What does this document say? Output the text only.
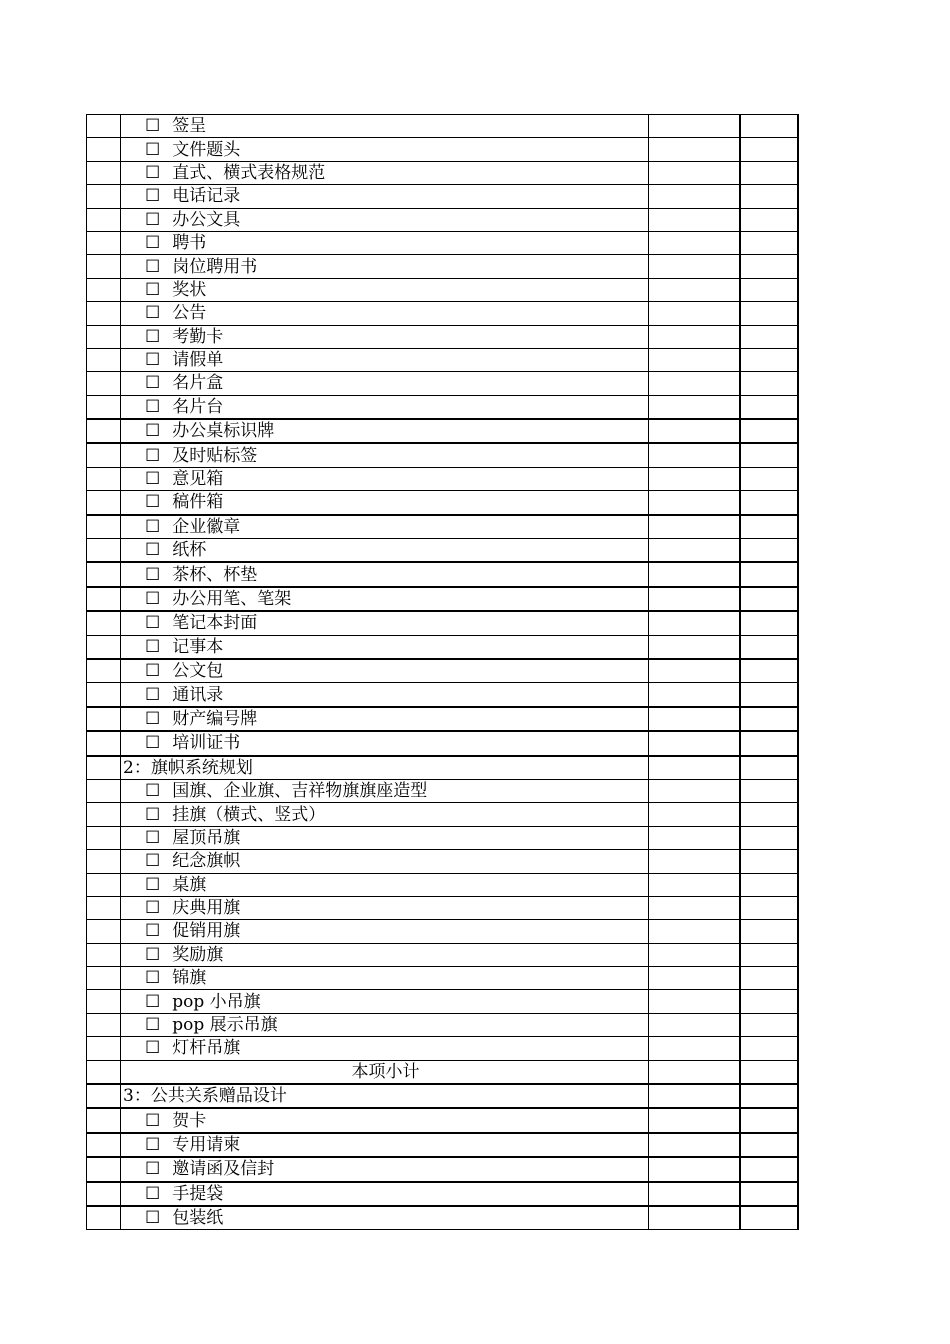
	☐ 签呈		
	☐ 文件题头		
	☐ 直式、横式表格规范		
	☐ 电话记录		
	☐ 办公文具		
	☐ 聘书		
	☐ 岗位聘用书		
	☐ 奖状		
	☐ 公告		
	☐ 考勤卡		
	☐ 请假单		
	☐ 名片盒		
	☐ 名片台		
	☐ 办公桌标识牌		
	☐ 及时贴标签		
	☐ 意见箱		
	☐ 稿件箱		
	☐ 企业徽章		
	☐ 纸杯		
	☐ 茶杯、杯垫		
	☐ 办公用笔、笔架		
	☐ 笔记本封面		
	☐ 记事本		
	☐ 公文包		
	☐ 通讯录		
	☐ 财产编号牌		
	☐ 培训证书		
	2：旗帜系统规划		
	☐ 国旗、企业旗、吉祥物旗旗座造型		
	☐ 挂旗（横式、竖式）		
	☐ 屋顶吊旗		
	☐ 纪念旗帜		
	☐ 桌旗		
	☐ 庆典用旗		
	☐ 促销用旗		
	☐ 奖励旗		
	☐ 锦旗		
	☐ pop 小吊旗		
	☐ pop 展示吊旗		
	☐ 灯杆吊旗		
	本项小计		
	3：公共关系赠品设计		
	☐ 贺卡		
	☐ 专用请柬		
	☐ 邀请函及信封		
	☐ 手提袋		
	☐ 包装纸		
